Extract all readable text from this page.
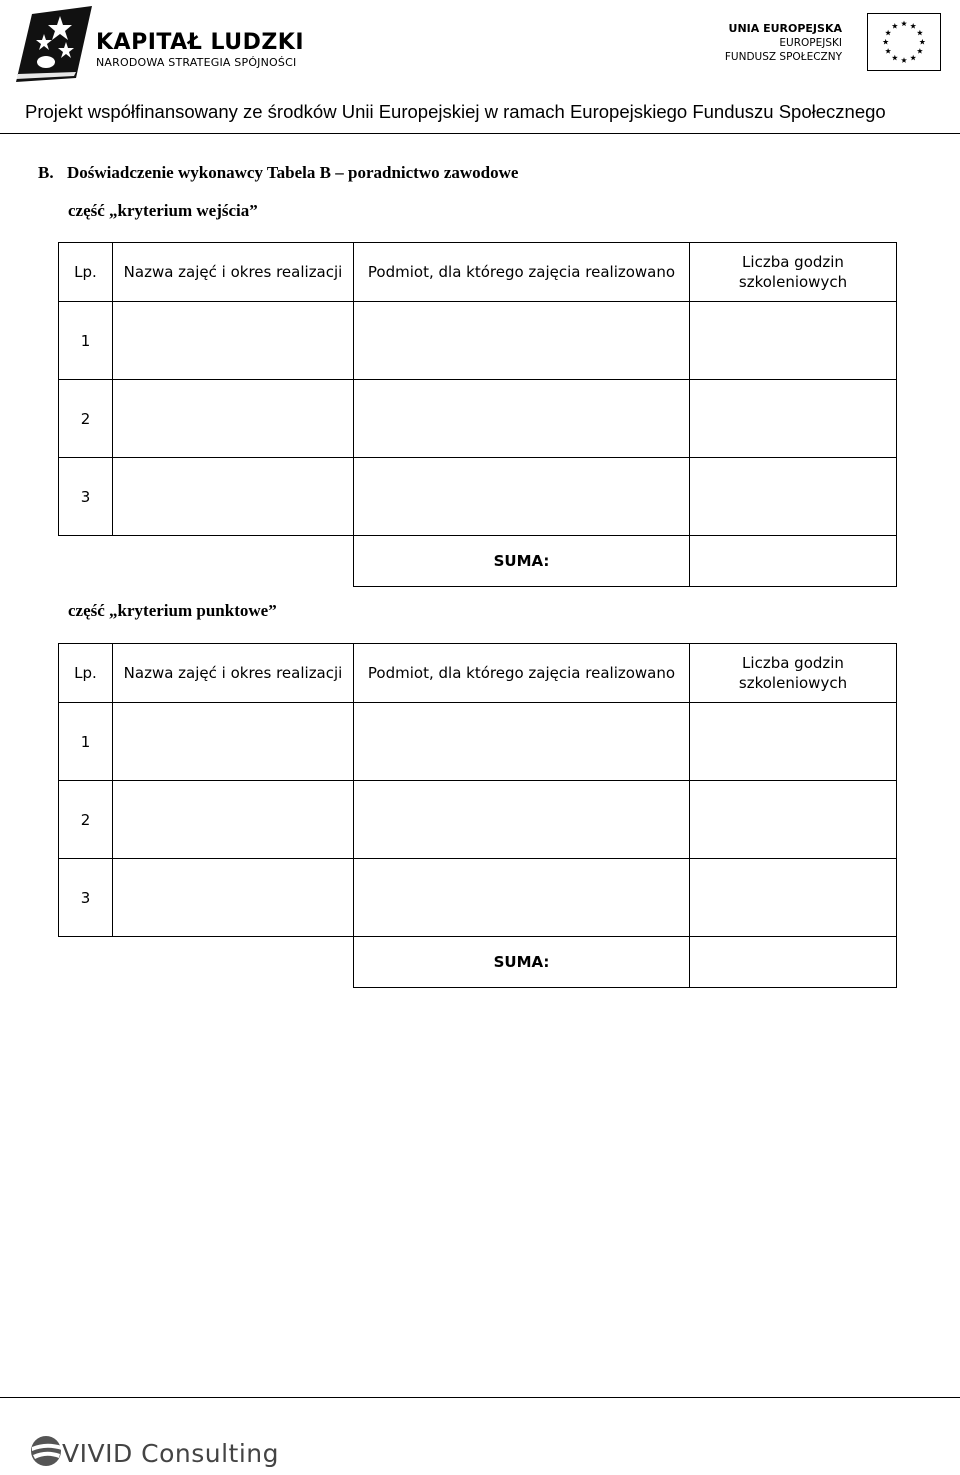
KAPITAŁ LUDZKI
NARODOWA STRATEGIA SPÓJNOŚCI
UNIA EUROPEJSKA
EUROPEJSKI
FUNDUSZ SPOŁECZNY
Projekt współfinansowany ze środków Unii Europejskiej w ramach Europejskiego Funduszu Społecznego
B. Doświadczenie wykonawcy Tabela B – poradnictwo zawodowe
część „kryterium wejścia”
Lp.	Nazwa zajęć i okres realizacji	Podmiot, dla którego zajęcia realizowano	Liczba godzin szkoleniowych
1			
2			
3			
		SUMA:	
część „kryterium punktowe”
Lp.	Nazwa zajęć i okres realizacji	Podmiot, dla którego zajęcia realizowano	Liczba godzin szkoleniowych
1			
2			
3			
		SUMA:	
VIVID Consulting
